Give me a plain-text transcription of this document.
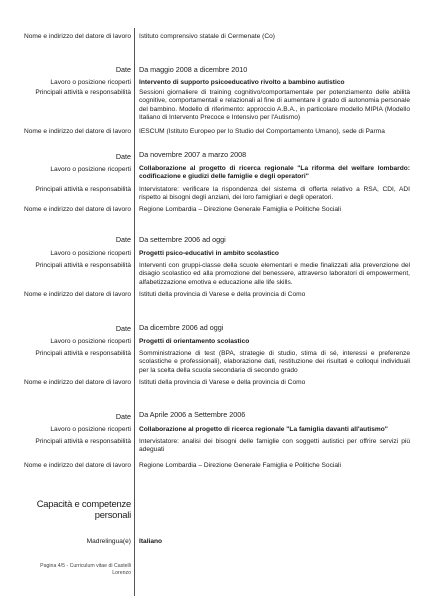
Nome e indirizzo del datore di lavoro Istituto comprensivo statale di Cermenate (Co)
Date Da maggio 2008 a dicembre 2010
Lavoro o posizione ricoperti Intervento di supporto psicoeducativo rivolto a bambino autistico
Principali attività e responsabilità Sessioni giornaliere di training cognitivo/comportamentale per potenziamento delle abilità cognitive, comportamentali e relazionali al fine di aumentare il grado di autonomia personale del bambino. Modello di riferimento: approccio A.B.A., in particolare modello MIPIA (Modello Italiano di Intervento Precoce e Intensivo per l'Autismo)
Nome e indirizzo del datore di lavoro IESCUM (Istituto Europeo per lo Studio del Comportamento Umano), sede di Parma
Date Da novembre 2007 a marzo 2008
Lavoro o posizione ricoperti Collaborazione al progetto di ricerca regionale "La riforma del welfare lombardo: codificazione e giudizi delle famiglie e degli operatori"
Principali attività e responsabilità Intervistatore: verificare la rispondenza del sistema di offerta relativo a RSA, CDI, ADI rispetto ai bisogni degli anziani, dei loro famigliari e degli operatori.
Nome e indirizzo del datore di lavoro Regione Lombardia – Direzione Generale Famiglia e Politiche Sociali
Date Da settembre 2006 ad oggi
Lavoro o posizione ricoperti Progetti psico-educativi in ambito scolastico
Principali attività e responsabilità Interventi con gruppi-classe della scuole elementari e medie finalizzati alla prevenzione del disagio scolastico ed alla promozione del benessere, attraverso laboratori di empowerment, alfabetizzazione emotiva e educazione alle life skills.
Nome e indirizzo del datore di lavoro Istituti della provincia di Varese e della provincia di Como
Date Da dicembre 2006 ad oggi
Lavoro o posizione ricoperti Progetti di orientamento scolastico
Principali attività e responsabilità Somministrazione di test (BPA, strategie di studio, stima di sé, interessi e preferenze scolastiche e professionali), elaborazione dati, restituzione dei risultati e colloqui individuali per la scelta della scuola secondaria di secondo grado
Nome e indirizzo del datore di lavoro Istituti della provincia di Varese e della provincia di Como
Date Da Aprile 2006 a Settembre 2006
Lavoro o posizione ricoperti Collaborazione al progetto di ricerca regionale "La famiglia davanti all'autismo"
Principali attività e responsabilità Intervistatore: analisi dei bisogni delle famiglie con soggetti autistici per offrire servizi più adeguati
Nome e indirizzo del datore di lavoro Regione Lombardia – Direzione Generale Famiglia e Politiche Sociali
Capacità e competenze personali
Madrelingua(e) Italiano
Pagina 4/5 - Curriculum vitae di Castelli Lorenzo
